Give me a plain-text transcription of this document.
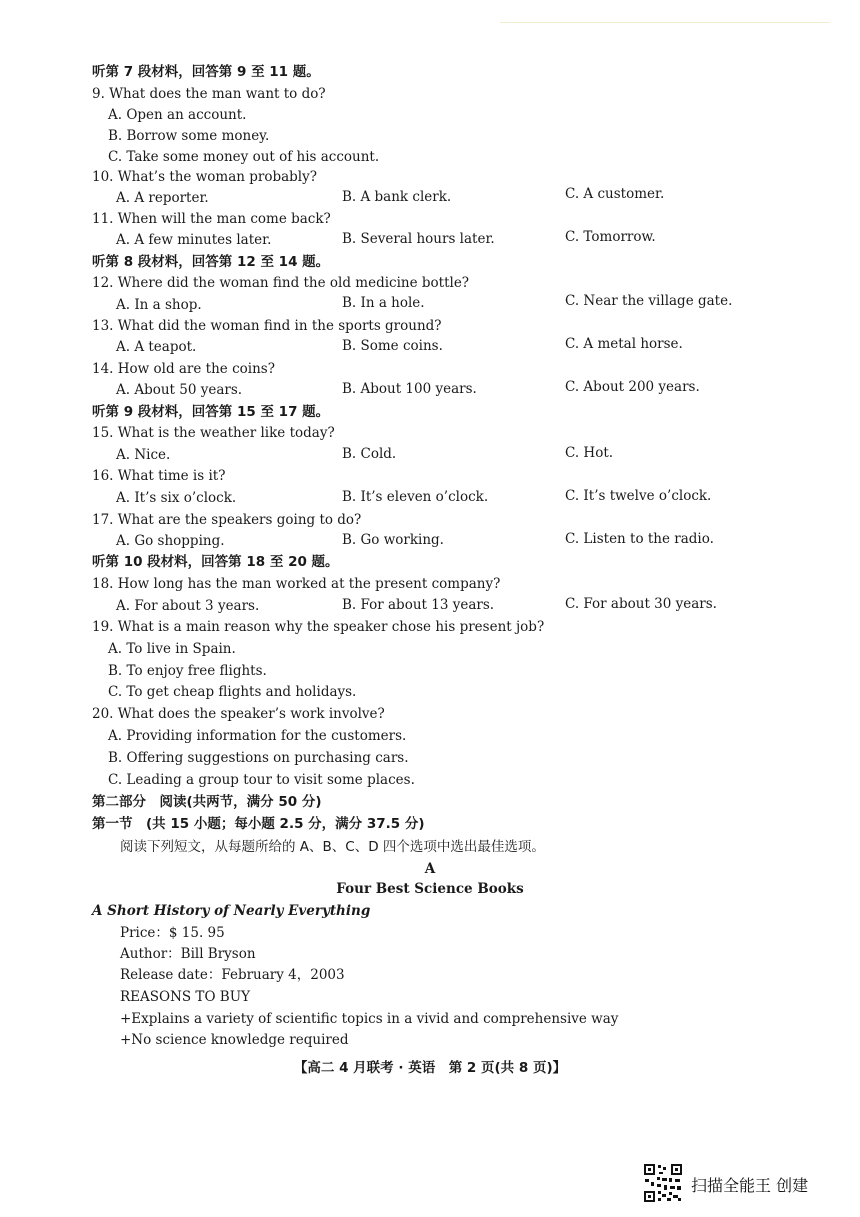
听第 7 段材料，回答第 9 至 11 题。
9. What does the man want to do?
A. Open an account.
B. Borrow some money.
C. Take some money out of his account.
10. What’s the woman probably?
A. A reporter.	B. A bank clerk.	C. A customer.
11. When will the man come back?
A. A few minutes later.	B. Several hours later.	C. Tomorrow.
听第 8 段材料，回答第 12 至 14 题。
12. Where did the woman find the old medicine bottle?
A. In a shop.	B. In a hole.	C. Near the village gate.
13. What did the woman find in the sports ground?
A. A teapot.	B. Some coins.	C. A metal horse.
14. How old are the coins?
A. About 50 years.	B. About 100 years.	C. About 200 years.
听第 9 段材料，回答第 15 至 17 题。
15. What is the weather like today?
A. Nice.	B. Cold.	C. Hot.
16. What time is it?
A. It’s six o’clock.	B. It’s eleven o’clock.	C. It’s twelve o’clock.
17. What are the speakers going to do?
A. Go shopping.	B. Go working.	C. Listen to the radio.
听第 10 段材料，回答第 18 至 20 题。
18. How long has the man worked at the present company?
A. For about 3 years.	B. For about 13 years.	C. For about 30 years.
19. What is a main reason why the speaker chose his present job?
A. To live in Spain.
B. To enjoy free flights.
C. To get cheap flights and holidays.
20. What does the speaker’s work involve?
A. Providing information for the customers.
B. Offering suggestions on purchasing cars.
C. Leading a group tour to visit some places.
第二部分　阅读(共两节，满分 50 分)
第一节　(共 15 小题；每小题 2.5 分，满分 37.5 分)
阅读下列短文，从每题所给的 A、B、C、D 四个选项中选出最佳选项。
A
Four Best Science Books
A Short History of Nearly Everything
Price：$ 15. 95
Author：Bill Bryson
Release date：February 4，2003
REASONS TO BUY
+Explains a variety of scientific topics in a vivid and comprehensive way
+No science knowledge required
【高二 4 月联考 · 英语　第 2 页(共 8 页)】
扫描全能王 创建
